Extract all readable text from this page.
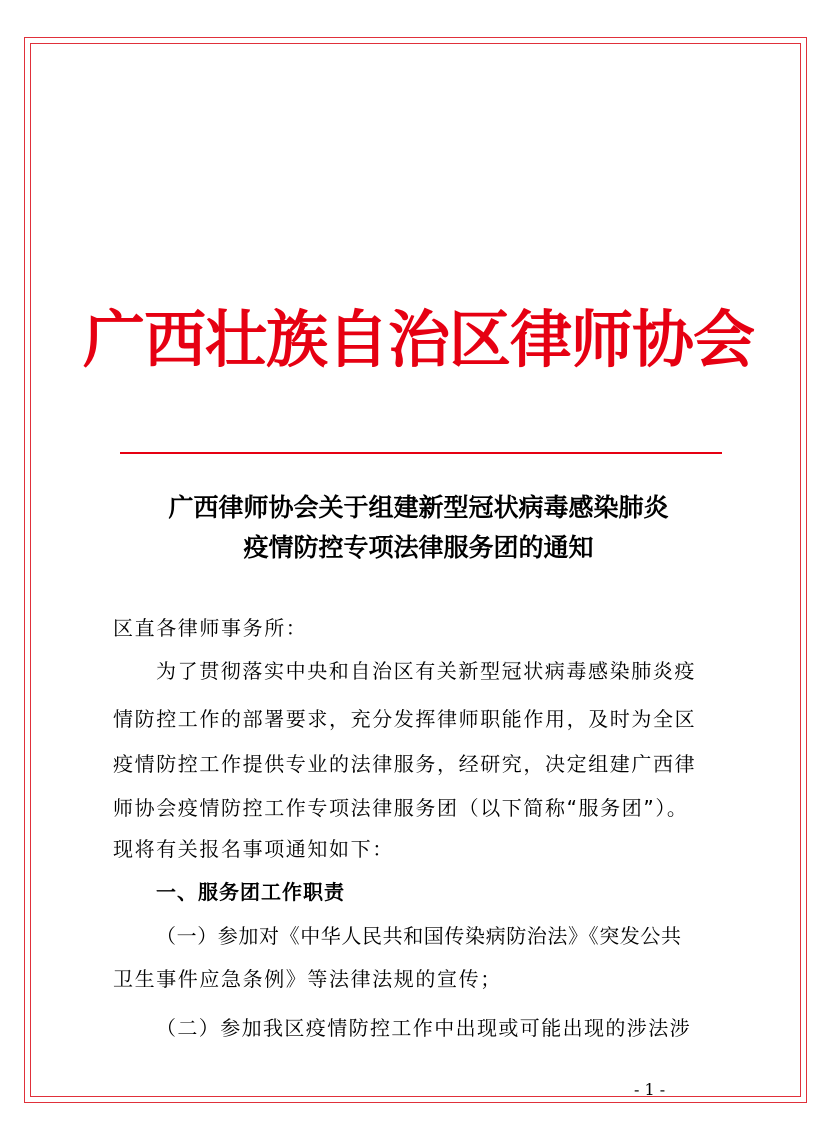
广西壮族自治区律师协会
广西律师协会关于组建新型冠状病毒感染肺炎
疫情防控专项法律服务团的通知
区直各律师事务所：
为了贯彻落实中央和自治区有关新型冠状病毒感染肺炎疫
情防控工作的部署要求，充分发挥律师职能作用，及时为全区
疫情防控工作提供专业的法律服务，经研究，决定组建广西律
师协会疫情防控工作专项法律服务团（以下简称“服务团”）。
现将有关报名事项通知如下：
一、服务团工作职责
（一）参加对《中华人民共和国传染病防治法》《突发公共
卫生事件应急条例》等法律法规的宣传；
（二）参加我区疫情防控工作中出现或可能出现的涉法涉
- 1 -
